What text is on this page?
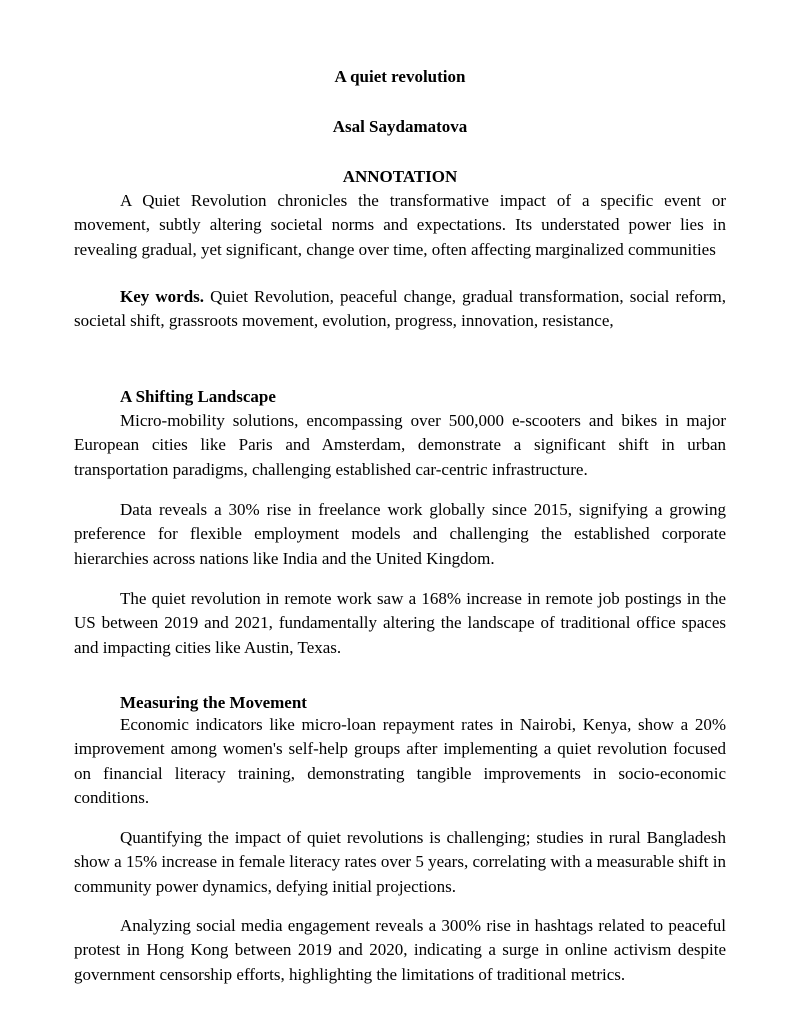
A quiet revolution
Asal Saydamatova
ANNOTATION

A Quiet Revolution chronicles the transformative impact of a specific event or movement, subtly altering societal norms and expectations. Its understated power lies in revealing gradual, yet significant, change over time, often affecting marginalized communities

Key words. Quiet Revolution, peaceful change, gradual transformation, social reform, societal shift, grassroots movement, evolution, progress, innovation, resistance,

A Shifting Landscape

Micro-mobility solutions, encompassing over 500,000 e-scooters and bikes in major European cities like Paris and Amsterdam, demonstrate a significant shift in urban transportation paradigms, challenging established car-centric infrastructure.

Data reveals a 30% rise in freelance work globally since 2015, signifying a growing preference for flexible employment models and challenging the established corporate hierarchies across nations like India and the United Kingdom.

The quiet revolution in remote work saw a 168% increase in remote job postings in the US between 2019 and 2021, fundamentally altering the landscape of traditional office spaces and impacting cities like Austin, Texas.

Measuring the Movement

Economic indicators like micro-loan repayment rates in Nairobi, Kenya, show a 20% improvement among women's self-help groups after implementing a quiet revolution focused on financial literacy training, demonstrating tangible improvements in socio-economic conditions.

Quantifying the impact of quiet revolutions is challenging; studies in rural Bangladesh show a 15% increase in female literacy rates over 5 years, correlating with a measurable shift in community power dynamics, defying initial projections.

Analyzing social media engagement reveals a 300% rise in hashtags related to peaceful protest in Hong Kong between 2019 and 2020, indicating a surge in online activism despite government censorship efforts, highlighting the limitations of traditional metrics.
